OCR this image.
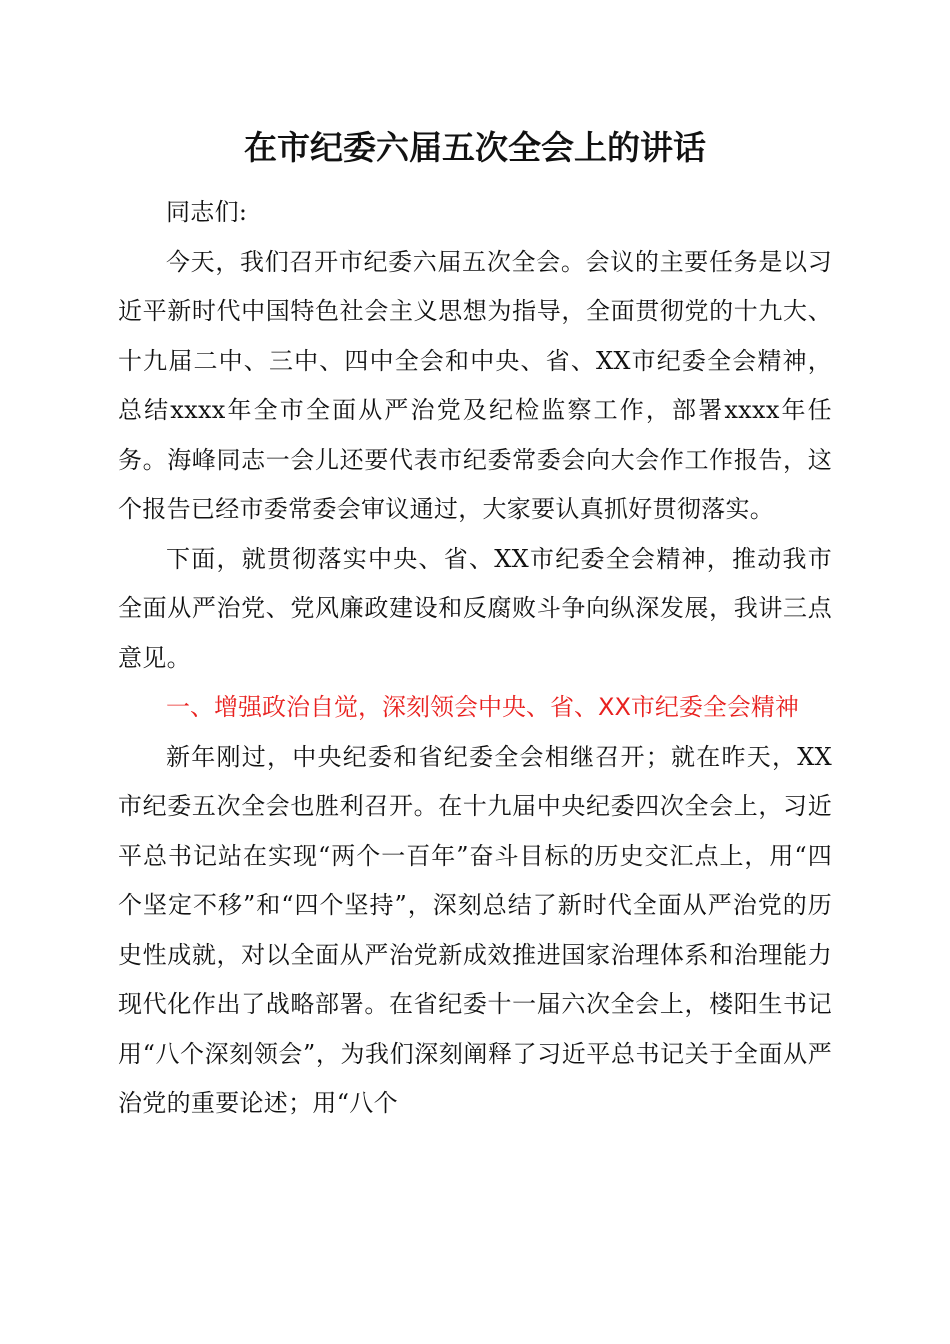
在市纪委六届五次全会上的讲话

同志们:

今天，我们召开市纪委六届五次全会。会议的主要任务是以习近平新时代中国特色社会主义思想为指导，全面贯彻党的十九大、十九届二中、三中、四中全会和中央、省、XX市纪委全会精神，总结xxxx年全市全面从严治党及纪检监察工作，部署xxxx年任务。海峰同志一会儿还要代表市纪委常委会向大会作工作报告，这个报告已经市委常委会审议通过，大家要认真抓好贯彻落实。

下面，就贯彻落实中央、省、XX市纪委全会精神，推动我市全面从严治党、党风廉政建设和反腐败斗争向纵深发展，我讲三点意见。

一、增强政治自觉，深刻领会中央、省、XX市纪委全会精神

新年刚过，中央纪委和省纪委全会相继召开；就在昨天，XX市纪委五次全会也胜利召开。在十九届中央纪委四次全会上，习近平总书记站在实现“两个一百年”奋斗目标的历史交汇点上，用“四个坚定不移”和“四个坚持”，深刻总结了新时代全面从严治党的历史性成就，对以全面从严治党新成效推进国家治理体系和治理能力现代化作出了战略部署。在省纪委十一届六次全会上，楼阳生书记用“八个深刻领会”，为我们深刻阐释了习近平总书记关于全面从严治党的重要论述；用“八个
